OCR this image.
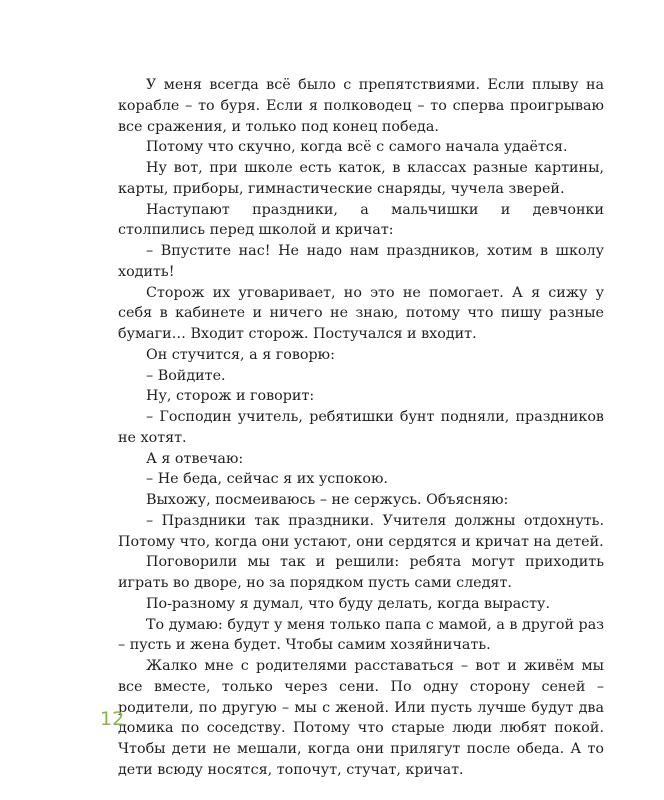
У меня всегда всё было с препятствиями. Если плыву на корабле – то буря. Если я полководец – то сперва проигрываю все сражения, и только под конец победа.

Потому что скучно, когда всё с самого начала удаётся.

Ну вот, при школе есть каток, в классах разные картины, карты, приборы, гимнастические снаряды, чучела зверей.

Наступают праздники, а мальчишки и девчонки столпились перед школой и кричат:

– Впустите нас! Не надо нам праздников, хотим в школу ходить!

Сторож их уговаривает, но это не помогает. А я сижу у себя в кабинете и ничего не знаю, потому что пишу разные бумаги… Входит сторож. Постучался и входит.

Он стучится, а я говорю:

– Войдите.

Ну, сторож и говорит:

– Господин учитель, ребятишки бунт подняли, праздников не хотят.

А я отвечаю:

– Не беда, сейчас я их успокою.

Выхожу, посмеиваюсь – не сержусь. Объясняю:

– Праздники так праздники. Учителя должны отдохнуть. Потому что, когда они устают, они сердятся и кричат на детей.

Поговорили мы так и решили: ребята могут приходить играть во дворе, но за порядком пусть сами следят.

По-разному я думал, что буду делать, когда вырасту.

То думаю: будут у меня только папа с мамой, а в другой раз – пусть и жена будет. Чтобы самим хозяйничать.

Жалко мне с родителями расставаться – вот и живём мы все вместе, только через сени. По одну сторону сеней – родители, по другую – мы с женой. Или пусть лучше будут два домика по соседству. Потому что старые люди любят покой. Чтобы дети не мешали, когда они прилягут после обеда. А то дети всюду носятся, топочут, стучат, кричат.

12
